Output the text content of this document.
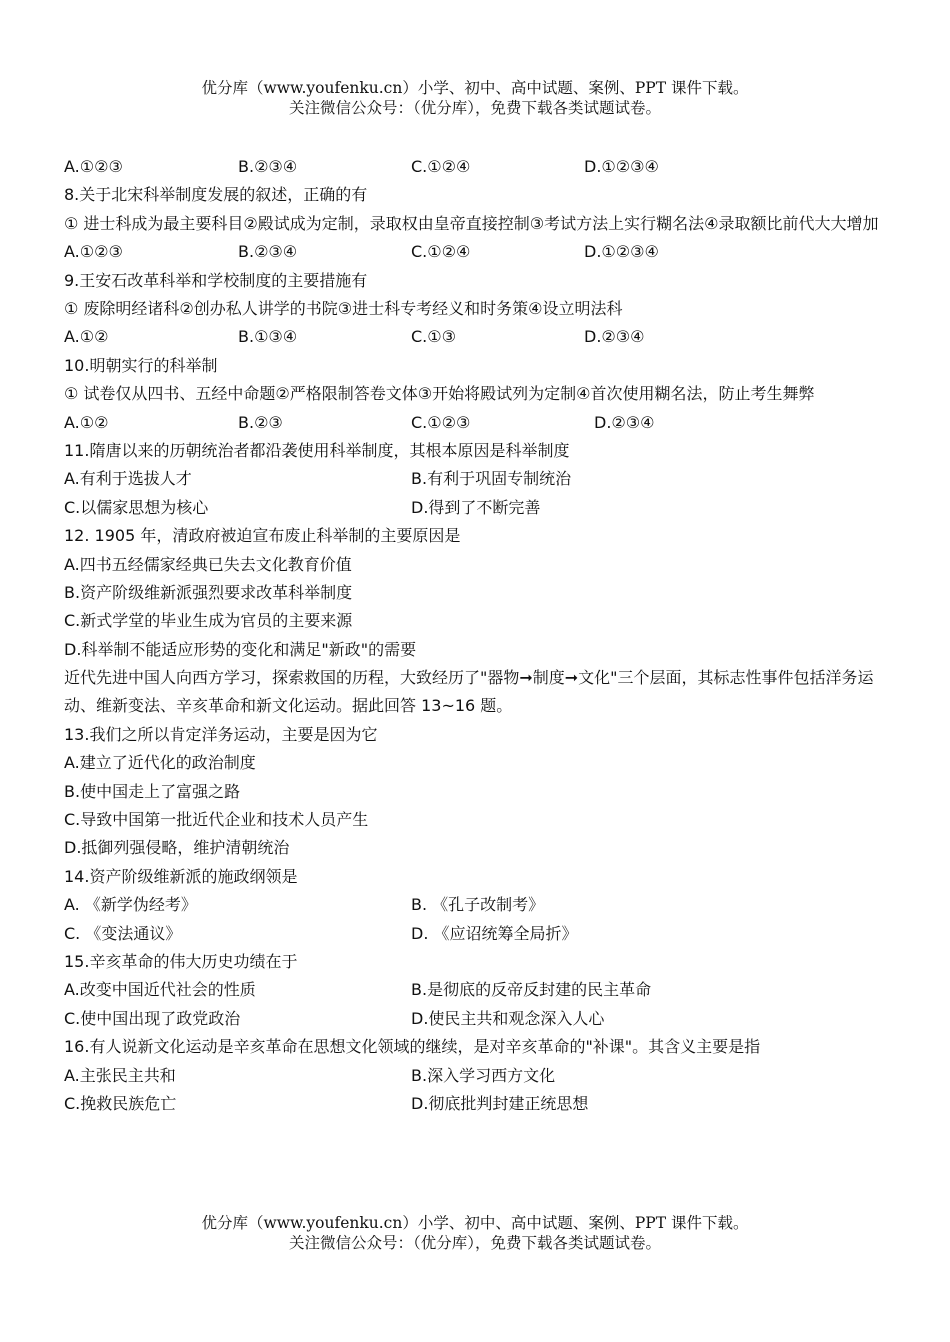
优分库（www.youfenku.cn）小学、初中、高中试题、案例、PPT 课件下载。
关注微信公众号：（优分库），免费下载各类试题试卷。
A.①②③	B.②③④	C.①②④	D.①②③④
8.关于北宋科举制度发展的叙述，正确的有
① 进士科成为最主要科目②殿试成为定制，录取权由皇帝直接控制③考试方法上实行糊名法④录取额比前代大大增加
A.①②③	B.②③④	C.①②④	D.①②③④
9.王安石改革科举和学校制度的主要措施有
① 废除明经诸科②创办私人讲学的书院③进士科专考经义和时务策④设立明法科
A.①②	B.①③④	C.①③	D.②③④
10.明朝实行的科举制
① 试卷仅从四书、五经中命题②严格限制答卷文体③开始将殿试列为定制④首次使用糊名法，防止考生舞弊
A.①②	B.②③	C.①②③	D.②③④
11.隋唐以来的历朝统治者都沿袭使用科举制度，其根本原因是科举制度
A.有利于选拔人才	B.有利于巩固专制统治
C.以儒家思想为核心	D.得到了不断完善
12. 1905 年，清政府被迫宣布废止科举制的主要原因是
A.四书五经儒家经典已失去文化教育价值
B.资产阶级维新派强烈要求改革科举制度
C.新式学堂的毕业生成为官员的主要来源
D.科举制不能适应形势的变化和满足"新政"的需要
近代先进中国人向西方学习，探索救国的历程，大致经历了"器物➞制度➞文化"三个层面，其标志性事件包括洋务运动、维新变法、辛亥革命和新文化运动。据此回答 13~16 题。
13.我们之所以肯定洋务运动，主要是因为它
A.建立了近代化的政治制度
B.使中国走上了富强之路
C.导致中国第一批近代企业和技术人员产生
D.抵御列强侵略，维护清朝统治
14.资产阶级维新派的施政纲领是
A. 《新学伪经考》	B. 《孔子改制考》
C. 《变法通议》	D. 《应诏统筹全局折》
15.辛亥革命的伟大历史功绩在于
A.改变中国近代社会的性质	B.是彻底的反帝反封建的民主革命
C.使中国出现了政党政治	D.使民主共和观念深入人心
16.有人说新文化运动是辛亥革命在思想文化领域的继续，是对辛亥革命的"补课"。其含义主要是指
A.主张民主共和	B.深入学习西方文化
C.挽救民族危亡	D.彻底批判封建正统思想
优分库（www.youfenku.cn）小学、初中、高中试题、案例、PPT 课件下载。
关注微信公众号：（优分库），免费下载各类试题试卷。
